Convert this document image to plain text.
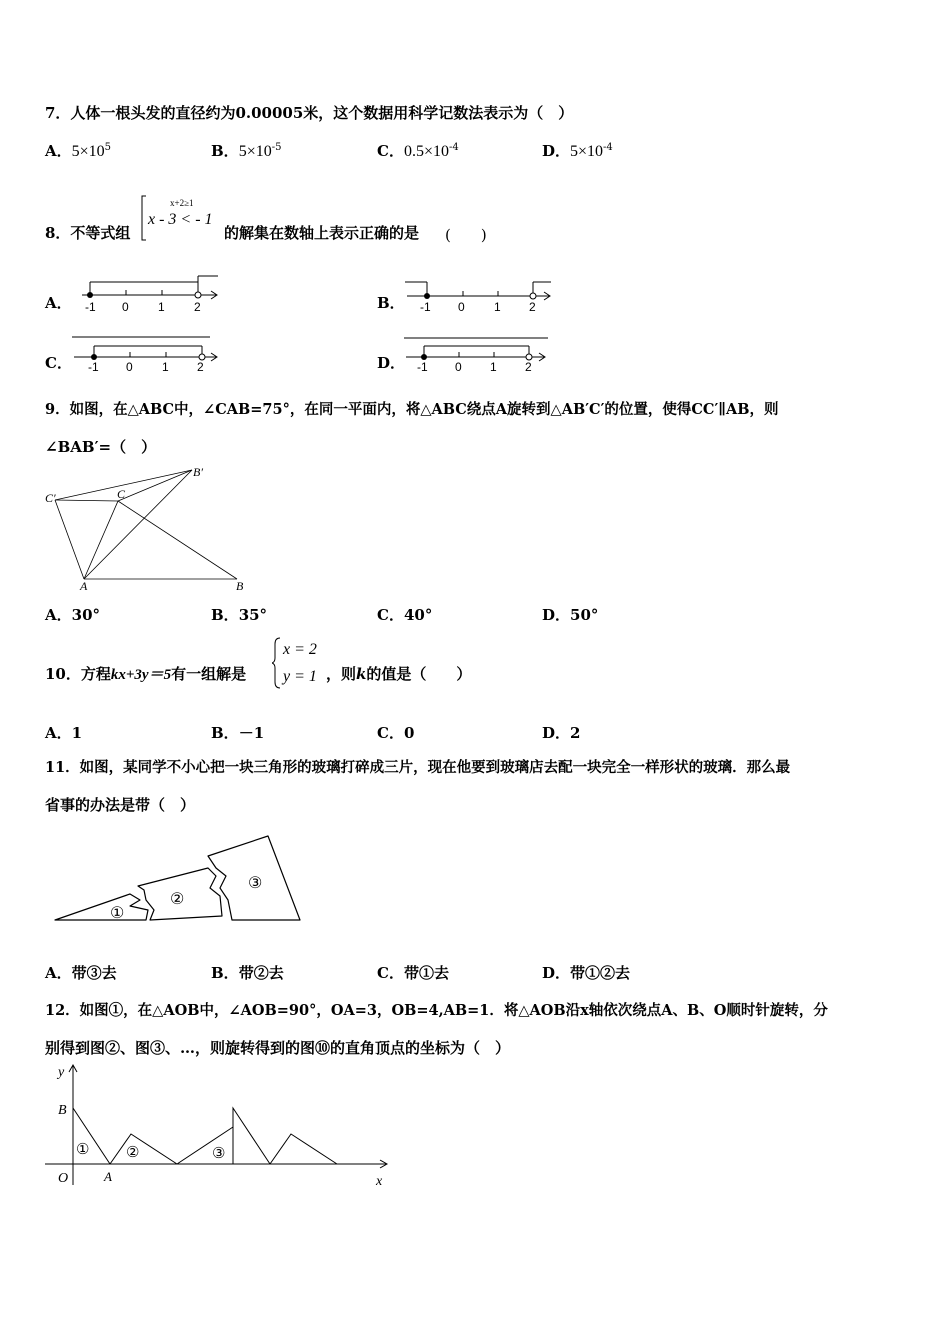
7．人体一根头发的直径约为0.00005米，这个数据用科学记数法表示为（　）
A．$5\times 10^5$	B．$5\times 10^{-5}$	C．$0.5\times 10^{-4}$	D．$5\times 10^{-4}$
8．不等式组
x+2≥1
x - 3 < - 1
的解集在数轴上表示正确的是 (　　)
A．	B．
C．	D．
-1 0 1 2	-1 0 1 2
-1 0 1 2	-1 0 1 2
9．如图，在△ABC中，∠CAB=75°，在同一平面内，将△ABC绕点A旋转到△AB′C′的位置，使得CC′∥AB，则
∠BAB′=（　）
C′	C
B′
A	B
A．30°	B．35°	C．40°	D．50°
10．方程kx+3y＝5有一组解是
x = 2
y = 1 ，则k的值是（　　）
A．1	B．－1	C．0	D．2
11．如图，某同学不小心把一块三角形的玻璃打碎成三片，现在他要到玻璃店去配一块完全一样形状的玻璃．那么最
省事的办法是带（　）
①
②
③
A．带③去	B．带②去	C．带①去	D．带①②去
12．如图①，在△AOB中，∠AOB=90°，OA=3，OB=4,AB=1．将△AOB沿x轴依次绕点A、B、O顺时针旋转，分
别得到图②、图③、…，则旋转得到的图⑩的直角顶点的坐标为（　）
y
x
B
O	A
① ②	③
